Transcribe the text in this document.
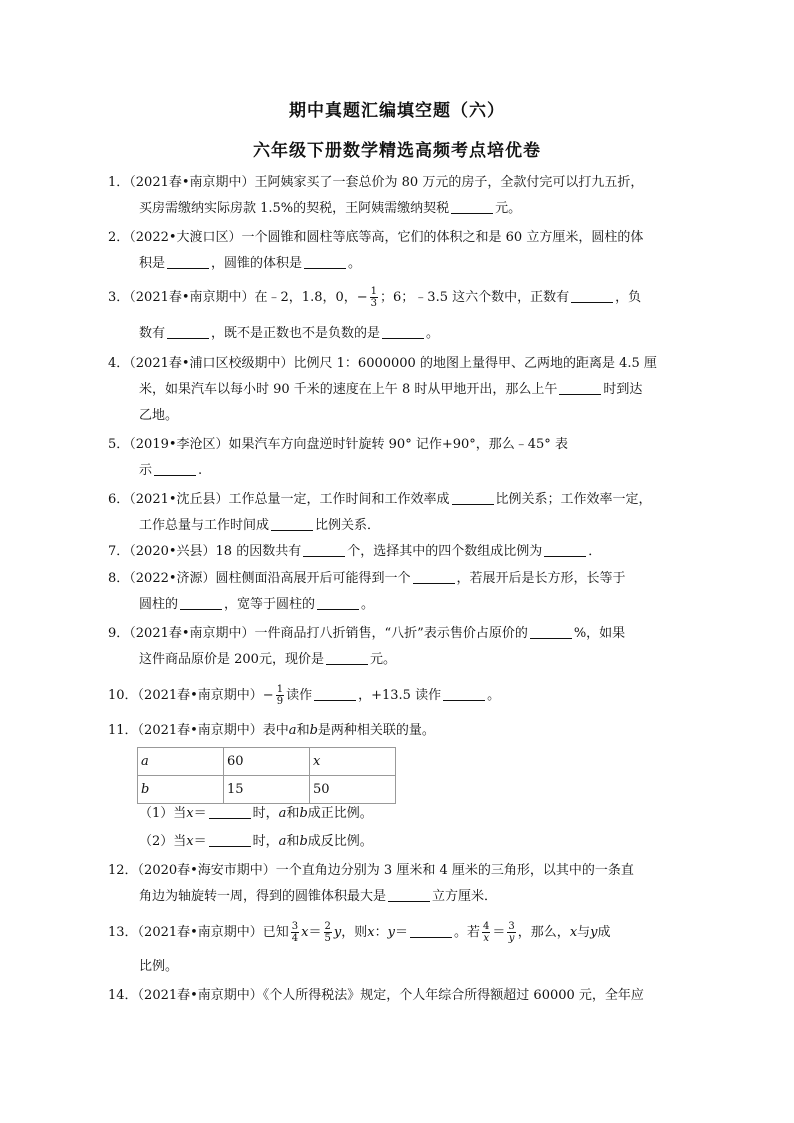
期中真题汇编填空题（六）
六年级下册数学精选高频考点培优卷
1．（2021春•南京期中）王阿姨家买了一套总价为 80 万元的房子，全款付完可以打九五折，
买房需缴纳实际房款 1.5%的契税，王阿姨需缴纳契税	元。
2．（2022•大渡口区）一个圆锥和圆柱等底等高，它们的体积之和是 60 立方厘米，圆柱的体
积是	，圆锥的体积是	。
3．（2021春•南京期中）在﹣2，1.8，0，− $\frac{1}{3}$ ；6；﹣3.5 这六个数中，正数有	，负
数有	，既不是正数也不是负数的是	。
4．（2021春•浦口区校级期中）比例尺 1：6000000 的地图上量得甲、乙两地的距离是 4.5 厘
米，如果汽车以每小时 90 千米的速度在上午 8 时从甲地开出，那么上午	时到达
乙地。
5．（2019•李沧区）如果汽车方向盘逆时针旋转 90° 记作+90°，那么﹣45° 表
示	.
6．（2021•沈丘县）工作总量一定，工作时间和工作效率成	比例关系；工作效率一定，
工作总量与工作时间成	比例关系．
7．（2020•兴县）18 的因数共有	个，选择其中的四个数组成比例为	．
8．（2022•济源）圆柱侧面沿高展开后可能得到一个	，若展开后是长方形，长等于
圆柱的	，宽等于圆柱的	。
9．（2021春•南京期中）一件商品打八折销售，“八折”表示售价占原价的	%，如果
这件商品原价是 200元，现价是	元。
10．（2021春•南京期中）− $\frac{1}{9}$ 读作	，+13.5 读作	。
11．（2021春•南京期中）表中a和b是两种相关联的量。
a	60	x
b	15	50
（1）当x＝	时，a和b成正比例。
（2）当x＝	时，a和b成反比例。
12．（2020春•海安市期中）一个直角边分别为 3 厘米和 4 厘米的三角形，以其中的一条直
角边为轴旋转一周，得到的圆锥体积最大是	立方厘米．
13．（2021春•南京期中）已知 $\frac{3}{4} x= \frac{2}{5}$ y，则x：y＝	。若 $\frac{4}{x} = \frac{3}{y}$ ，那么，x与y成
比例。
14．（2021春•南京期中）《个人所得税法》规定，个人年综合所得额超过 60000 元，全年应
